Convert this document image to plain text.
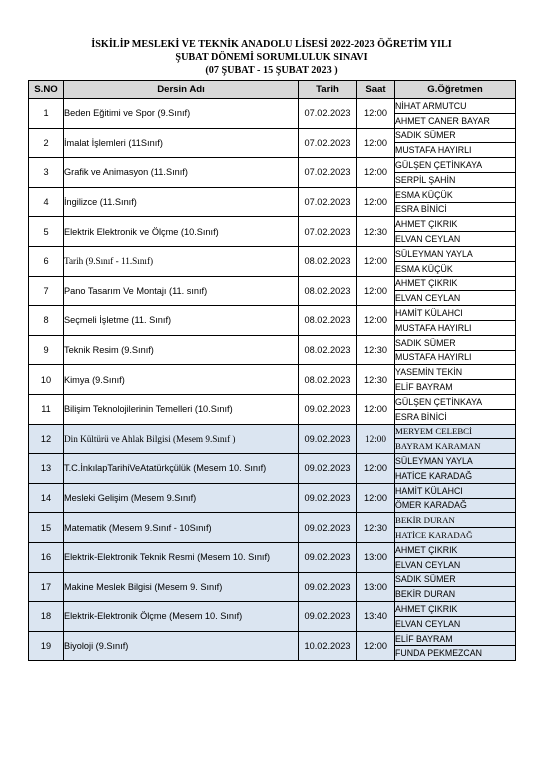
İSKİLİP MESLEKİ VE TEKNİK ANADOLU LİSESİ 2022-2023 ÖĞRETİM YILI
ŞUBAT DÖNEMİ SORUMLULUK SINAVI
(07 ŞUBAT - 15 ŞUBAT 2023 )
S.NO	Dersin Adı	Tarih	Saat	G.Öğretmen
1	Beden Eğitimi ve Spor (9.Sınıf)	07.02.2023	12:00	NİHAT ARMUTCU
				AHMET CANER BAYAR
2	İmalat İşlemleri (11Sınıf)	07.02.2023	12:00	SADIK SÜMER
				MUSTAFA HAYIRLI
3	Grafik ve Animasyon (11.Sınıf)	07.02.2023	12:00	GÜLŞEN ÇETİNKAYA
				SERPİL ŞAHİN
4	İngilizce (11.Sınıf)	07.02.2023	12:00	ESMA KÜÇÜK
				ESRA BİNİCİ
5	Elektrik Elektronik ve Ölçme (10.Sınıf)	07.02.2023	12:30	AHMET ÇIKRIK
				ELVAN CEYLAN
6	Tarih (9.Sınıf - 11.Sınıf)	08.02.2023	12:00	SÜLEYMAN YAYLA
				ESMA KÜÇÜK
7	Pano Tasarım Ve Montajı (11. sınıf)	08.02.2023	12:00	AHMET ÇIKRIK
				ELVAN CEYLAN
8	Seçmeli İşletme (11. Sınıf)	08.02.2023	12:00	HAMİT KÜLAHCI
				MUSTAFA HAYIRLI
9	Teknik Resim (9.Sınıf)	08.02.2023	12:30	SADIK SÜMER
				MUSTAFA HAYIRLI
10	Kimya (9.Sınıf)	08.02.2023	12:30	YASEMİN TEKİN
				ELİF BAYRAM
11	Bilişim Teknolojilerinin Temelleri (10.Sınıf)	09.02.2023	12:00	GÜLŞEN ÇETİNKAYA
				ESRA BİNİCİ
12	Din Kültürü ve Ahlak Bilgisi (Mesem 9.Sınıf )	09.02.2023	12:00	MERYEM CELEBCİ
				BAYRAM KARAMAN
13	T.C.İnkılapTarihiVeAtatürkçülük (Mesem 10. Sınıf)	09.02.2023	12:00	SÜLEYMAN YAYLA
				HATİCE KARADAĞ
14	Mesleki Gelişim (Mesem 9.Sınıf)	09.02.2023	12:00	HAMİT KÜLAHCI
				ÖMER KARADAĞ
15	Matematik (Mesem 9.Sınıf - 10Sınıf)	09.02.2023	12:30	BEKİR DURAN
				HATİCE KARADAĞ
16	Elektrik-Elektronik Teknik Resmi (Mesem 10. Sınıf)	09.02.2023	13:00	AHMET ÇIKRIK
				ELVAN CEYLAN
17	Makine Meslek Bilgisi (Mesem 9. Sınıf)	09.02.2023	13:00	SADIK SÜMER
				BEKİR DURAN
18	Elektrik-Elektronik Ölçme (Mesem 10. Sınıf)	09.02.2023	13:40	AHMET ÇIKRIK
				ELVAN CEYLAN
19	Biyoloji (9.Sınıf)	10.02.2023	12:00	ELİF BAYRAM
				FUNDA PEKMEZCAN
